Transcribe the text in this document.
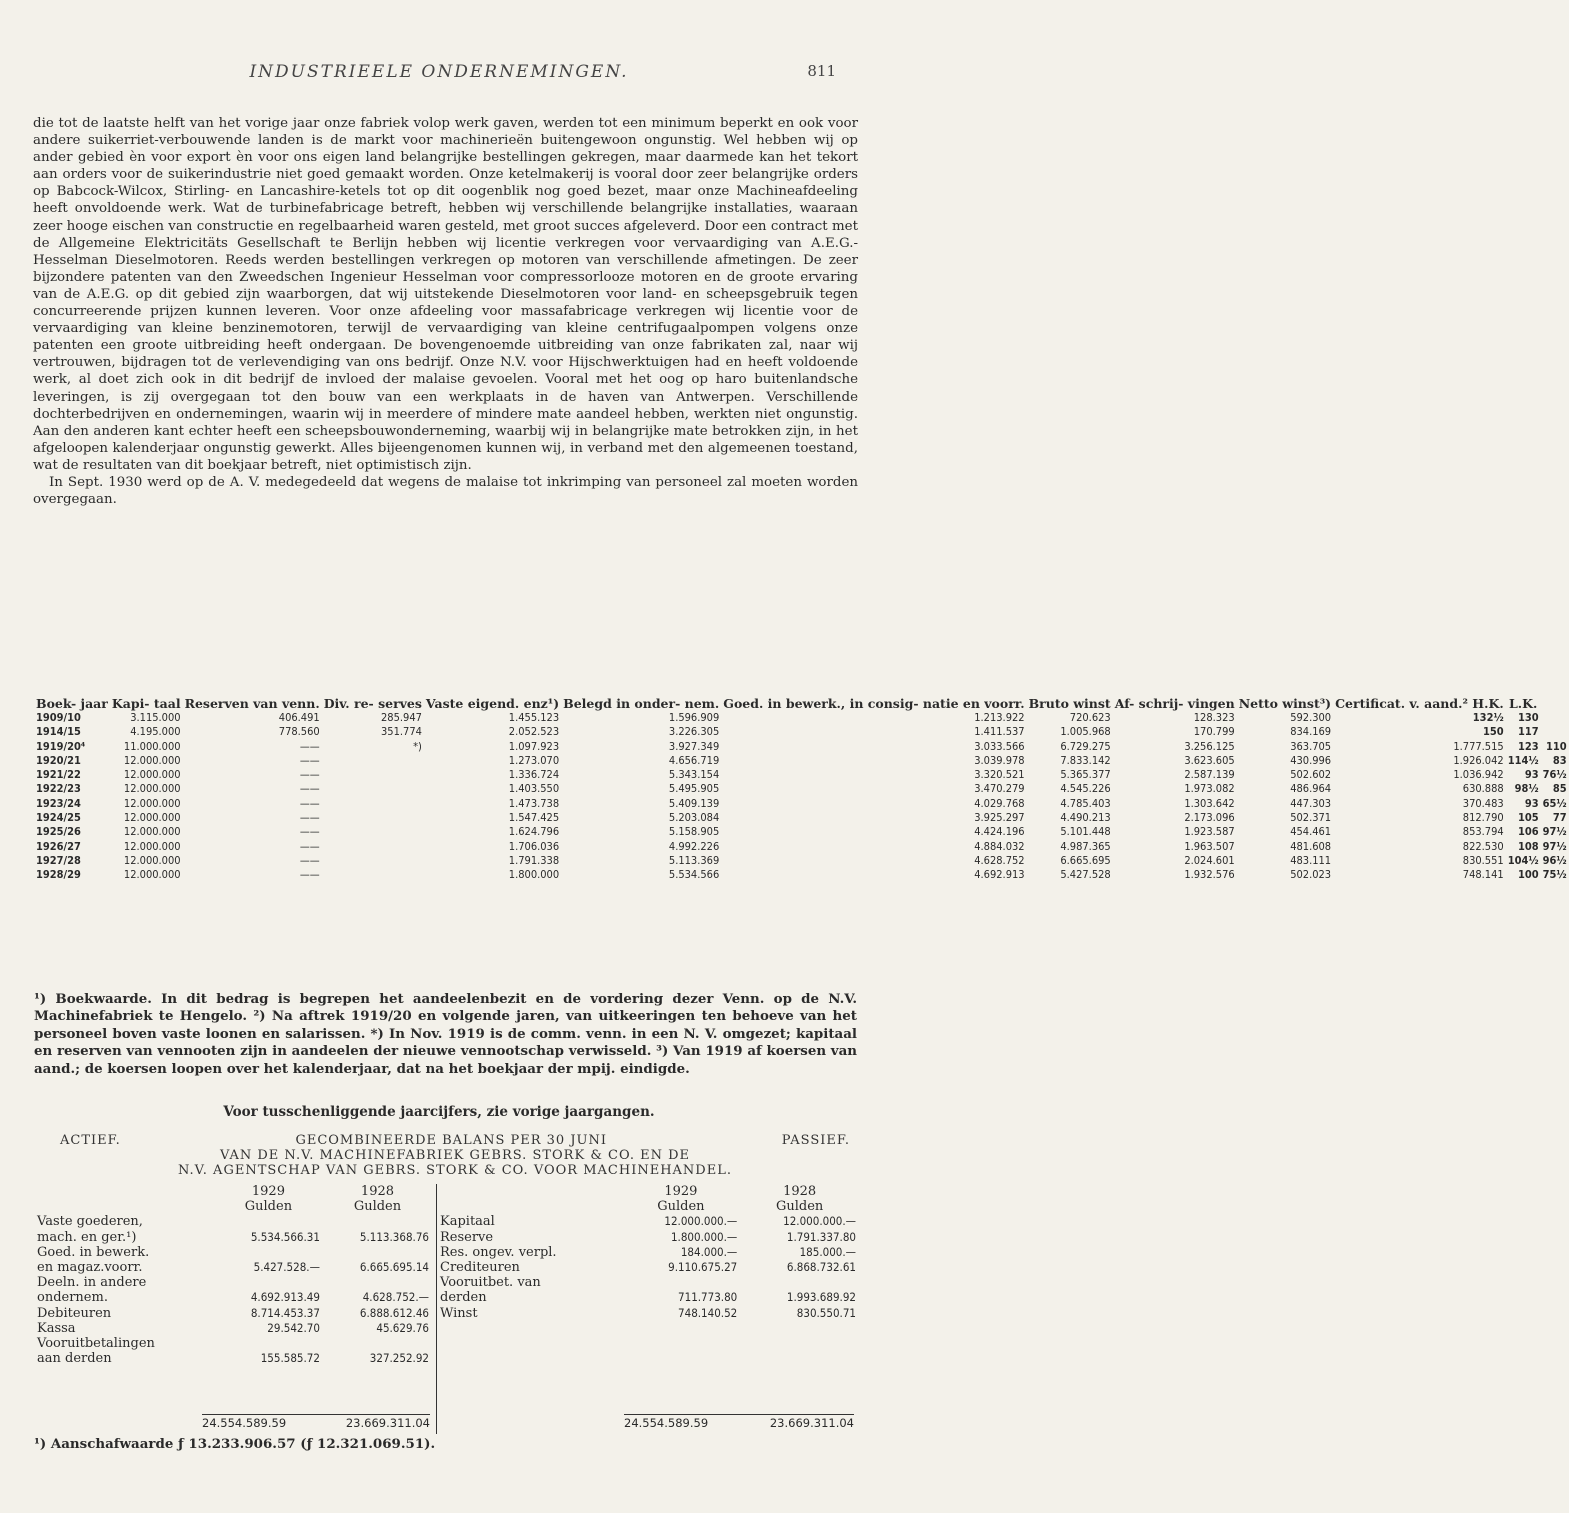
INDUSTRIEELE ONDERNEMINGEN.	811

die tot de laatste helft van het vorige jaar onze fabriek volop werk gaven, werden tot een minimum beperkt en ook voor andere suikerriet-verbouwende landen is de markt voor machinerieën buitengewoon ongunstig. Wel hebben wij op ander gebied èn voor export èn voor ons eigen land belangrijke bestellingen gekregen, maar daarmede kan het tekort aan orders voor de suikerindustrie niet goed gemaakt worden. Onze ketelmakerij is vooral door zeer belangrijke orders op Babcock-Wilcox, Stirling- en Lancashire-ketels tot op dit oogenblik nog goed bezet, maar onze Machineafdeeling heeft onvoldoende werk. Wat de turbinefabricage betreft, hebben wij verschillende belangrijke installaties, waaraan zeer hooge eischen van constructie en regelbaarheid waren gesteld, met groot succes afgeleverd. Door een contract met de Allgemeine Elektricitäts Gesellschaft te Berlijn hebben wij licentie verkregen voor vervaardiging van A.E.G.-Hesselman Dieselmotoren. Reeds werden bestellingen verkregen op motoren van verschillende afmetingen. De zeer bijzondere patenten van den Zweedschen Ingenieur Hesselman voor compressorlooze motoren en de groote ervaring van de A.E.G. op dit gebied zijn waarborgen, dat wij uitstekende Dieselmotoren voor land- en scheepsgebruik tegen concurreerende prijzen kunnen leveren. Voor onze afdeeling voor massafabricage verkregen wij licentie voor de vervaardiging van kleine benzinemotoren, terwijl de vervaardiging van kleine centrifugaalpompen volgens onze patenten een groote uitbreiding heeft ondergaan. De bovengenoemde uitbreiding van onze fabrikaten zal, naar wij vertrouwen, bijdragen tot de verlevendiging van ons bedrijf. Onze N.V. voor Hijschwerktuigen had en heeft voldoende werk, al doet zich ook in dit bedrijf de invloed der malaise gevoelen. Vooral met het oog op haro buitenlandsche leveringen, is zij overgegaan tot den bouw van een werkplaats in de haven van Antwerpen. Verschillende dochterbedrijven en ondernemingen, waarin wij in meerdere of mindere mate aandeel hebben, werkten niet ongunstig. Aan den anderen kant echter heeft een scheepsbouwonderneming, waarbij wij in belangrijke mate betrokken zijn, in het afgeloopen kalenderjaar ongunstig gewerkt. Alles bijeengenomen kunnen wij, in verband met den algemeenen toestand, wat de resultaten van dit boekjaar betreft, niet optimistisch zijn.

In Sept. 1930 werd op de A. V. medegedeeld dat wegens de malaise tot inkrimping van personeel zal moeten worden overgegaan.

Boek- jaar	Kapi- taal	Reserven van venn.	Div. re- serves	Vaste eigend. enz¹)	Belegd in onder- nem.	Goed. in bewerk., in consig- natie en voorr.	Bruto winst	Af- schrij- vingen	Netto winst³)	Certificat. v. aand.² H.K.	L.K.	
1909/10	3.115.000	406.491	285.947	1.455.123	1.596.909	1.213.922	720.623	128.323	592.300	132½	130	
1914/15	4.195.000	778.560	351.774	2.052.523	3.226.305	1.411.537	1.005.968	170.799	834.169	150	117	
1919/20⁴	11.000.000	——	*)	1.097.923	3.927.349	3.033.566	6.729.275	3.256.125	363.705	1.777.515	123	110
1920/21	12.000.000	——		1.273.070	4.656.719	3.039.978	7.833.142	3.623.605	430.996	1.926.042	114½	83
1921/22	12.000.000	——		1.336.724	5.343.154	3.320.521	5.365.377	2.587.139	502.602	1.036.942	93	76½
1922/23	12.000.000	——		1.403.550	5.495.905	3.470.279	4.545.226	1.973.082	486.964	630.888	98½	85
1923/24	12.000.000	——		1.473.738	5.409.139	4.029.768	4.785.403	1.303.642	447.303	370.483	93	65½
1924/25	12.000.000	——		1.547.425	5.203.084	3.925.297	4.490.213	2.173.096	502.371	812.790	105	77
1925/26	12.000.000	——		1.624.796	5.158.905	4.424.196	5.101.448	1.923.587	454.461	853.794	106	97½
1926/27	12.000.000	——		1.706.036	4.992.226	4.884.032	4.987.365	1.963.507	481.608	822.530	108	97½
1927/28	12.000.000	——		1.791.338	5.113.369	4.628.752	6.665.695	2.024.601	483.111	830.551	104½	96½
1928/29	12.000.000	——		1.800.000	5.534.566	4.692.913	5.427.528	1.932.576	502.023	748.141	100	75½

¹) Boekwaarde. In dit bedrag is begrepen het aandeelenbezit en de vordering dezer Venn. op de N.V. Machinefabriek te Hengelo. ²) Na aftrek 1919/20 en volgende jaren, van uitkeeringen ten behoeve van het personeel boven vaste loonen en salarissen. *) In Nov. 1919 is de comm. venn. in een N. V. omgezet; kapitaal en reserven van vennooten zijn in aandeelen der nieuwe vennootschap verwisseld. ³) Van 1919 af koersen van aand.; de koersen loopen over het kalenderjaar, dat na het boekjaar der mpij. eindigde.

Voor tusschenliggende jaarcijfers, zie vorige jaargangen.
ACTIEF.	GECOMBINEERDE BALANS PER 30 JUNI	PASSIEF.
VAN DE N.V. MACHINEFABRIEK GEBRS. STORK & CO. EN DE
N.V. AGENTSCHAP VAN GEBRS. STORK & CO. VOOR MACHINEHANDEL.
	1929	1928
	Gulden	Gulden
Vaste goederen,		
mach. en ger.¹)	5.534.566.31	5.113.368.76
Goed. in bewerk.		
en magaz.voorr.	5.427.528.—	6.665.695.14
Deeln. in andere		
ondernem.	4.692.913.49	4.628.752.—
Debiteuren	8.714.453.37	6.888.612.46
Kassa	29.542.70	45.629.76
Vooruitbetalingen		
aan derden	155.585.72	327.252.92
	1929	1928
	Gulden	Gulden
Kapitaal	12.000.000.—	12.000.000.—
Reserve	1.800.000.—	1.791.337.80
Res. ongev. verpl.	184.000.—	185.000.—
Crediteuren	9.110.675.27	6.868.732.61
Vooruitbet. van		
derden	711.773.80	1.993.689.92
Winst	748.140.52	830.550.71
24.554.589.59	23.669.311.04	24.554.589.59	23.669.311.04
¹) Aanschafwaarde ƒ 13.233.906.57 (ƒ 12.321.069.51).
